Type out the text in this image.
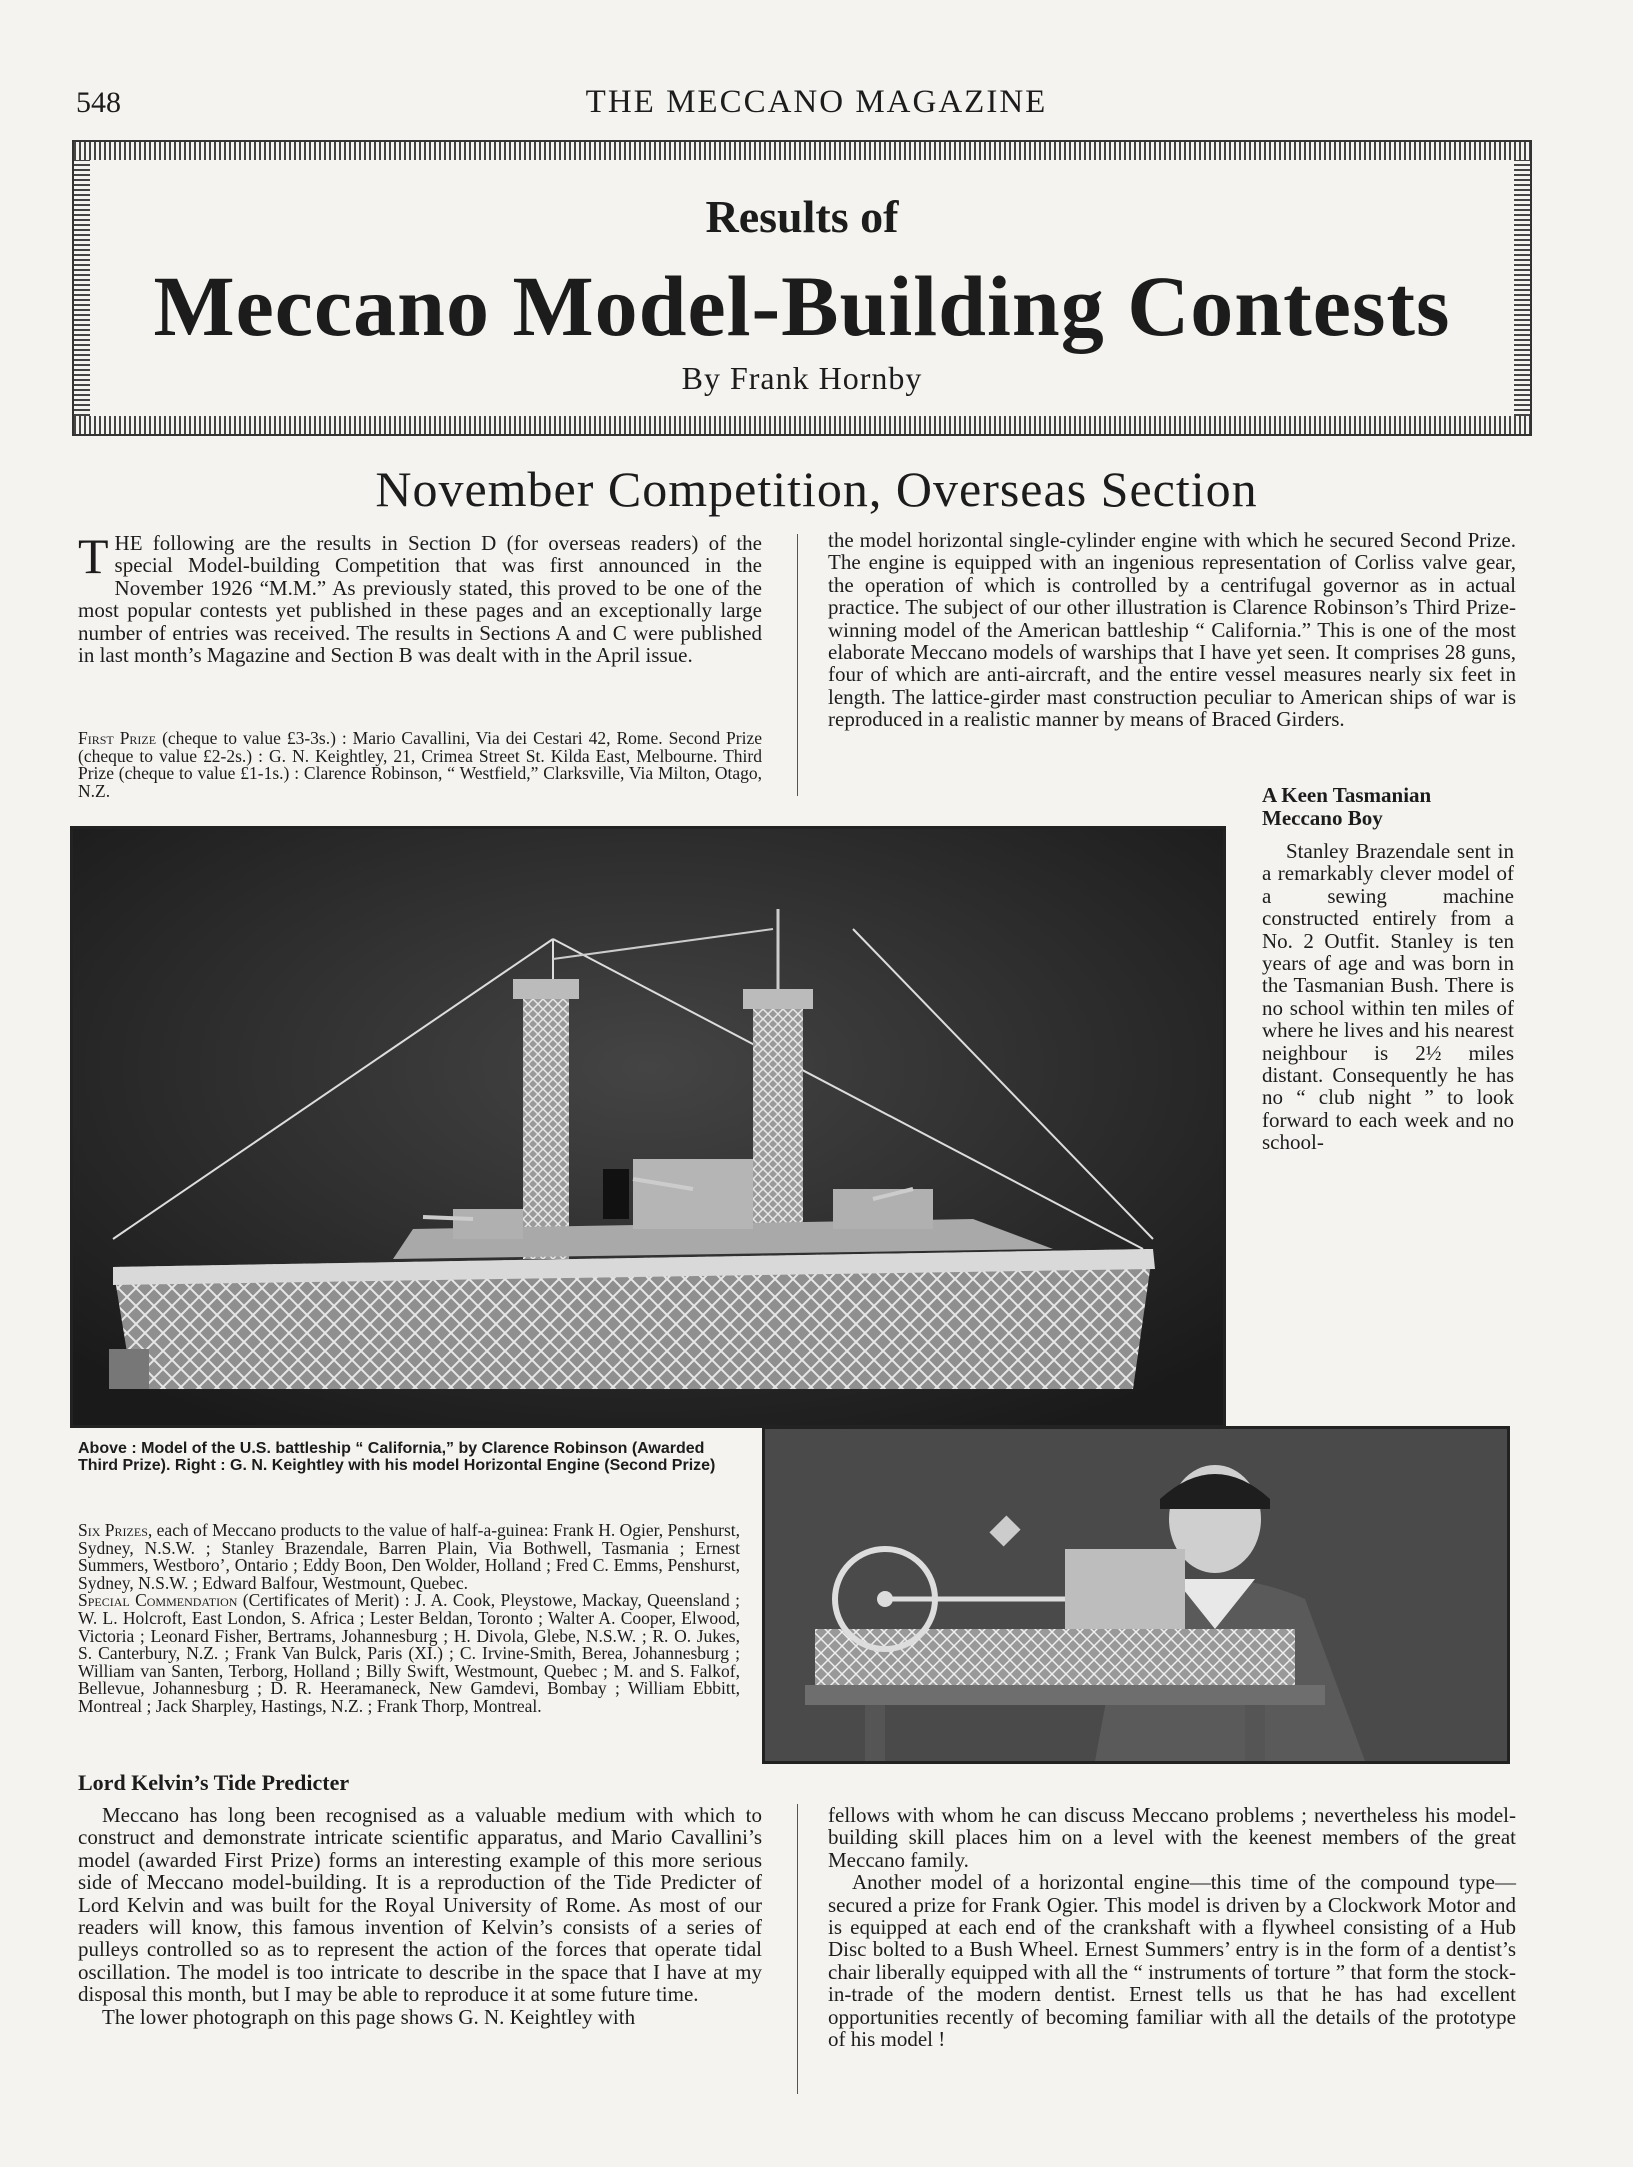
548	THE MECCANO MAGAZINE
Results of
Meccano Model-Building Contests
By Frank Hornby
November Competition, Overseas Section

THE following are the results in Section D (for overseas readers) of the special Model-building Competition that was first announced in the November 1926 “M.M.” As previously stated, this proved to be one of the most popular contests yet published in these pages and an exceptionally large number of entries was received. The results in Sections A and C were published in last month’s Magazine and Section B was dealt with in the April issue.

First Prize (cheque to value £3-3s.) : Mario Cavallini, Via dei Cestari 42, Rome. Second Prize (cheque to value £2-2s.) : G. N. Keightley, 21, Crimea Street St. Kilda East, Melbourne. Third Prize (cheque to value £1-1s.) : Clarence Robinson, “ Westfield,” Clarksville, Via Milton, Otago, N.Z.

the model horizontal single-cylinder engine with which he secured Second Prize. The engine is equipped with an ingenious representation of Corliss valve gear, the operation of which is controlled by a centrifugal governor as in actual practice. The subject of our other illustration is Clarence Robinson’s Third Prize-winning model of the American battleship “ California.” This is one of the most elaborate Meccano models of warships that I have yet seen. It comprises 28 guns, four of which are anti-aircraft, and the entire vessel measures nearly six feet in length. The lattice-girder mast construction peculiar to American ships of war is reproduced in a realistic manner by means of Braced Girders.

A Keen Tasmanian Meccano Boy

Stanley Brazendale sent in a remarkably clever model of a sewing machine constructed entirely from a No. 2 Outfit. Stanley is ten years of age and was born in the Tasmanian Bush. There is no school within ten miles of where he lives and his nearest neighbour is 2½ miles distant. Consequently he has no “ club night ” to look forward to each week and no school-

Above : Model of the U.S. battleship “ California,” by Clarence Robinson (Awarded Third Prize). Right : G. N. Keightley with his model Horizontal Engine (Second Prize)

Six Prizes, each of Meccano products to the value of half-a-guinea: Frank H. Ogier, Penshurst, Sydney, N.S.W. ; Stanley Brazendale, Barren Plain, Via Bothwell, Tasmania ; Ernest Summers, Westboro’, Ontario ; Eddy Boon, Den Wolder, Holland ; Fred C. Emms, Penshurst, Sydney, N.S.W. ; Edward Balfour, Westmount, Quebec.

Special Commendation (Certificates of Merit) : J. A. Cook, Pleystowe, Mackay, Queensland ; W. L. Holcroft, East London, S. Africa ; Lester Beldan, Toronto ; Walter A. Cooper, Elwood, Victoria ; Leonard Fisher, Bertrams, Johannesburg ; H. Divola, Glebe, N.S.W. ; R. O. Jukes, S. Canterbury, N.Z. ; Frank Van Bulck, Paris (XI.) ; C. Irvine-Smith, Berea, Johannesburg ; William van Santen, Terborg, Holland ; Billy Swift, Westmount, Quebec ; M. and S. Falkof, Bellevue, Johannesburg ; D. R. Heeramaneck, New Gamdevi, Bombay ; William Ebbitt, Montreal ; Jack Sharpley, Hastings, N.Z. ; Frank Thorp, Montreal.

Lord Kelvin’s Tide Predicter

Meccano has long been recognised as a valuable medium with which to construct and demonstrate intricate scientific apparatus, and Mario Cavallini’s model (awarded First Prize) forms an interesting example of this more serious side of Meccano model-building. It is a reproduction of the Tide Predicter of Lord Kelvin and was built for the Royal University of Rome. As most of our readers will know, this famous invention of Kelvin’s consists of a series of pulleys controlled so as to represent the action of the forces that operate tidal oscillation. The model is too intricate to describe in the space that I have at my disposal this month, but I may be able to reproduce it at some future time.

The lower photograph on this page shows G. N. Keightley with

fellows with whom he can discuss Meccano problems ; nevertheless his model-building skill places him on a level with the keenest members of the great Meccano family.

Another model of a horizontal engine—this time of the compound type—secured a prize for Frank Ogier. This model is driven by a Clockwork Motor and is equipped at each end of the crankshaft with a flywheel consisting of a Hub Disc bolted to a Bush Wheel. Ernest Summers’ entry is in the form of a dentist’s chair liberally equipped with all the “ instruments of torture ” that form the stock-in-trade of the modern dentist. Ernest tells us that he has had excellent opportunities recently of becoming familiar with all the details of the prototype of his model !
